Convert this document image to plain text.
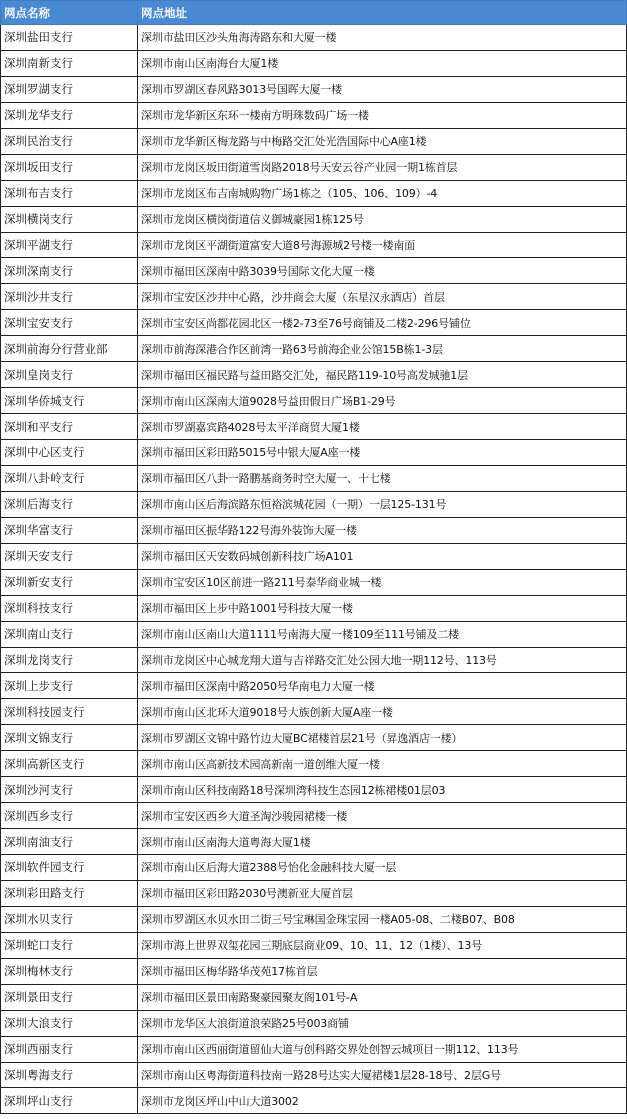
网点名称	网点地址
深圳盐田支行	深圳市盐田区沙头角海涛路东和大厦一楼
深圳南新支行	深圳市南山区南海台大厦1楼
深圳罗湖支行	深圳市罗湖区春风路3013号国晖大厦一楼
深圳龙华支行	深圳市龙华新区东环一楼南方明珠数码广场一楼
深圳民治支行	深圳市龙华新区梅龙路与中梅路交汇处光浩国际中心A座1楼
深圳坂田支行	深圳市龙岗区坂田街道雪岗路2018号天安云谷产业园一期1栋首层
深圳布吉支行	深圳市龙岗区布吉南城购物广场1栋之（105、106、109）-4
深圳横岗支行	深圳市龙岗区横岗街道信义御城豪园1栋125号
深圳平湖支行	深圳市龙岗区平湖街道富安大道8号海源城2号楼一楼南面
深圳深南支行	深圳市福田区深南中路3039号国际文化大厦一楼
深圳沙井支行	深圳市宝安区沙井中心路，沙井商会大厦（东星汉永酒店）首层
深圳宝安支行	深圳市宝安区尚都花园北区一楼2-73至76号商铺及二楼2-296号铺位
深圳前海分行营业部	深圳市前海深港合作区前湾一路63号前海企业公馆15B栋1-3层
深圳皇岗支行	深圳市福田区福民路与益田路交汇处，福民路119-10号高发城驰1层
深圳华侨城支行	深圳市南山区深南大道9028号益田假日广场B1-29号
深圳和平支行	深圳市罗湖嘉宾路4028号太平洋商贸大厦1楼
深圳中心区支行	深圳市福田区彩田路5015号中银大厦A座一楼
深圳八卦岭支行	深圳市福田区八卦一路鹏基商务时空大厦一、十七楼
深圳后海支行	深圳市南山区后海滨路东恒裕滨城花园（一期）一层125-131号
深圳华富支行	深圳市福田区振华路122号海外装饰大厦一楼
深圳天安支行	深圳市福田区天安数码城创新科技广场A101
深圳新安支行	深圳市宝安区10区前进一路211号泰华商业城一楼
深圳科技支行	深圳市福田区上步中路1001号科技大厦一楼
深圳南山支行	深圳市南山区南山大道1111号南海大厦一楼109至111号铺及二楼
深圳龙岗支行	深圳市龙岗区中心城龙翔大道与吉祥路交汇处公园大地一期112号、113号
深圳上步支行	深圳市福田区深南中路2050号华南电力大厦一楼
深圳科技园支行	深圳市南山区北环大道9018号大族创新大厦A座一楼
深圳文锦支行	深圳市罗湖区文锦中路竹边大厦BC裙楼首层21号（昇逸酒店一楼）
深圳高新区支行	深圳市南山区高新技术园高新南一道创维大厦一楼
深圳沙河支行	深圳市南山区科技南路18号深圳湾科技生态园12栋裙楼01层03
深圳西乡支行	深圳市宝安区西乡大道圣淘沙骏园裙楼一楼
深圳南油支行	深圳市南山区南海大道粤海大厦1楼
深圳软件园支行	深圳市南山区后海大道2388号怡化金融科技大厦一层
深圳彩田路支行	深圳市福田区彩田路2030号澳新亚大厦首层
深圳水贝支行	深圳市罗湖区水贝水田二街三号宝琳国金珠宝园一楼A05-08、二楼B07、B08
深圳蛇口支行	深圳市海上世界双玺花园三期底层商业09、10、11、12（1楼）、13号
深圳梅林支行	深圳市福田区梅华路华茂苑17栋首层
深圳景田支行	深圳市福田区景田南路聚豪园聚友阁101号-A
深圳大浪支行	深圳市龙华区大浪街道浪荣路25号003商铺
深圳西丽支行	深圳市南山区西丽街道留仙大道与创科路交界处创智云城项目一期112、113号
深圳粤海支行	深圳市南山区粤海街道科技南一路28号达实大厦裙楼1层28-18号、2层G号
深圳坪山支行	深圳市龙岗区坪山中山大道3002
